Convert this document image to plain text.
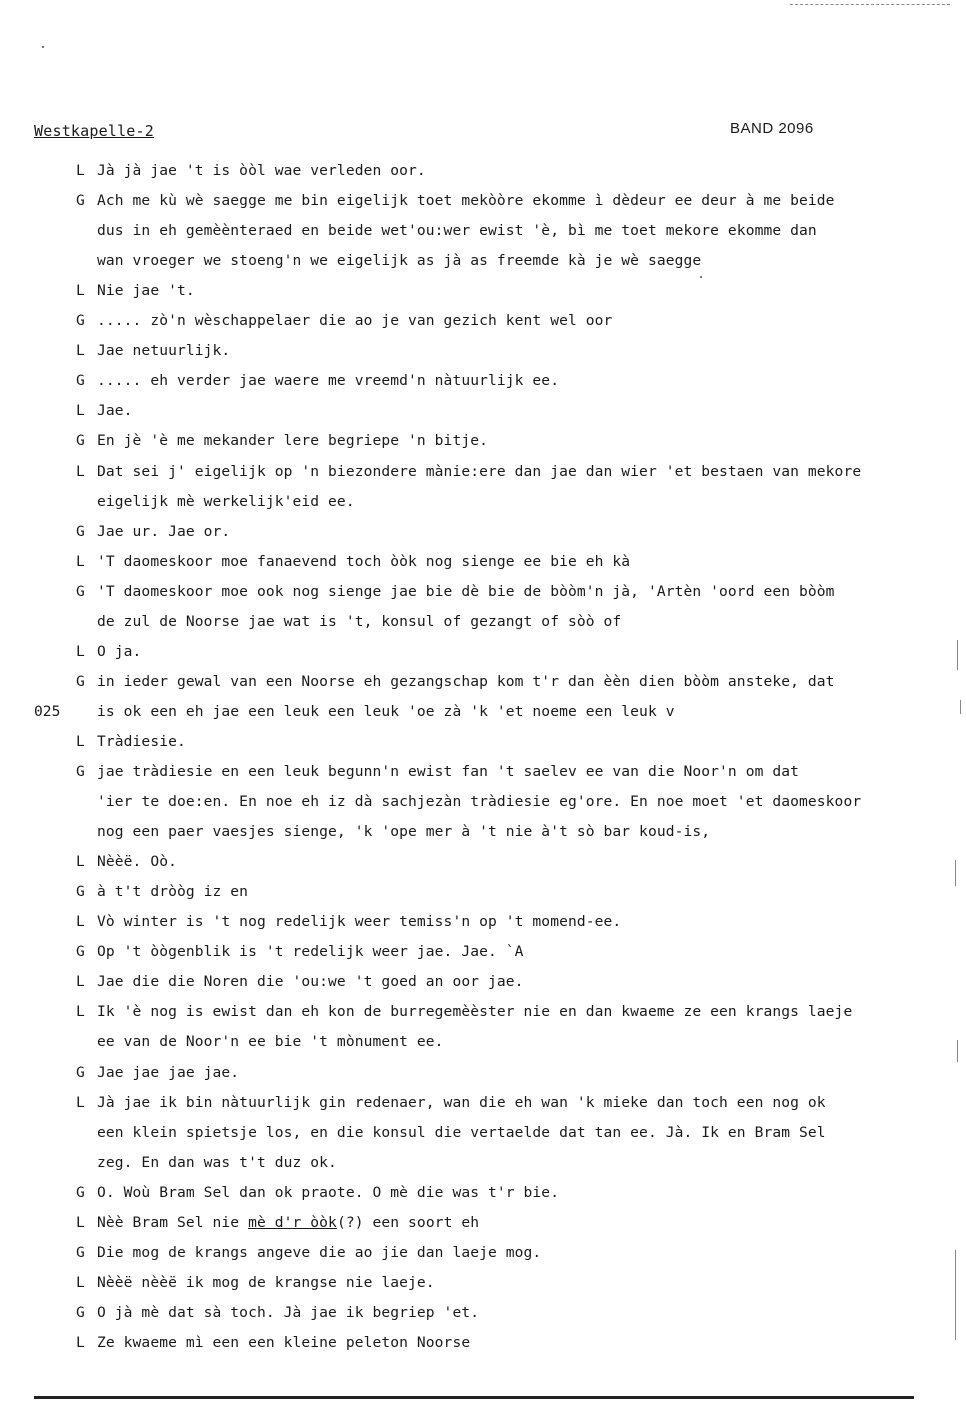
Westkapelle-2	BAND 2096
025
L Jà jà jae 't is òòl wae verleden oor.
G Ach me kù wè saegge me bin eigelijk toet mekòòre ekomme ì dèdeur ee deur à me beide
dus in eh gemèènteraed en beide wet'ou:wer ewist 'è, bì me toet mekore ekomme dan
wan vroeger we stoeng'n we eigelijk as jà as freemde kà je wè saegge
L Nie jae 't.
G ..... zò'n wèschappelaer die ao je van gezich kent wel oor
L Jae netuurlijk.
G ..... eh verder jae waere me vreemd'n nàtuurlijk ee.
L Jae.
G En jè 'è me mekander lere begriepe 'n bitje.
L Dat sei j' eigelijk op 'n biezondere mànie:ere dan jae dan wier 'et bestaen van mekore
eigelijk mè werkelijk'eid ee.
G Jae ur. Jae or.
L 'T daomeskoor moe fanaevend toch òòk nog sienge ee bie eh kà
G 'T daomeskoor moe ook nog sienge jae bie dè bie de bòòm'n jà, 'Artèn 'oord een bòòm
de zul de Noorse jae wat is 't, konsul of gezangt of sòò of
L O ja.
G in ieder gewal van een Noorse eh gezangschap kom t'r dan èèn dien bòòm ansteke, dat
is ok een eh jae een leuk een leuk 'oe zà 'k 'et noeme een leuk v
L Tràdiesie.
G jae tràdiesie en een leuk begunn'n ewist fan 't saelev ee van die Noor'n om dat
'ier te doe:en. En noe eh iz dà sachjezàn tràdiesie eg'ore. En noe moet 'et daomeskoor
nog een paer vaesjes sienge, 'k 'ope mer à 't nie à't sò bar koud-is,
L Nèèë. Oò.
G à t't dròòg iz en
L Vò winter is 't nog redelijk weer temiss'n op 't momend-ee.
G Op 't òògenblik is 't redelijk weer jae. Jae. `A
L Jae die die Noren die 'ou:we 't goed an oor jae.
L Ik 'è nog is ewist dan eh kon de burregemèèster nie en dan kwaeme ze een krangs laeje
ee van de Noor'n ee bie 't mònument ee.
G Jae jae jae jae.
L Jà jae ik bin nàtuurlijk gin redenaer, wan die eh wan 'k mieke dan toch een nog ok
een klein spietsje los, en die konsul die vertaelde dat tan ee. Jà. Ik en Bram Sel
zeg. En dan was t't duz ok.
G O. Woù Bram Sel dan ok praote. O mè die was t'r bie.
L Nèè Bram Sel nie mè d'r òòk(?) een soort eh
G Die mog de krangs angeve die ao jie dan laeje mog.
L Nèèë nèèë ik mog de krangse nie laeje.
G O jà mè dat sà toch. Jà jae ik begriep 'et.
L Ze kwaeme mì een een kleine peleton Noorse
